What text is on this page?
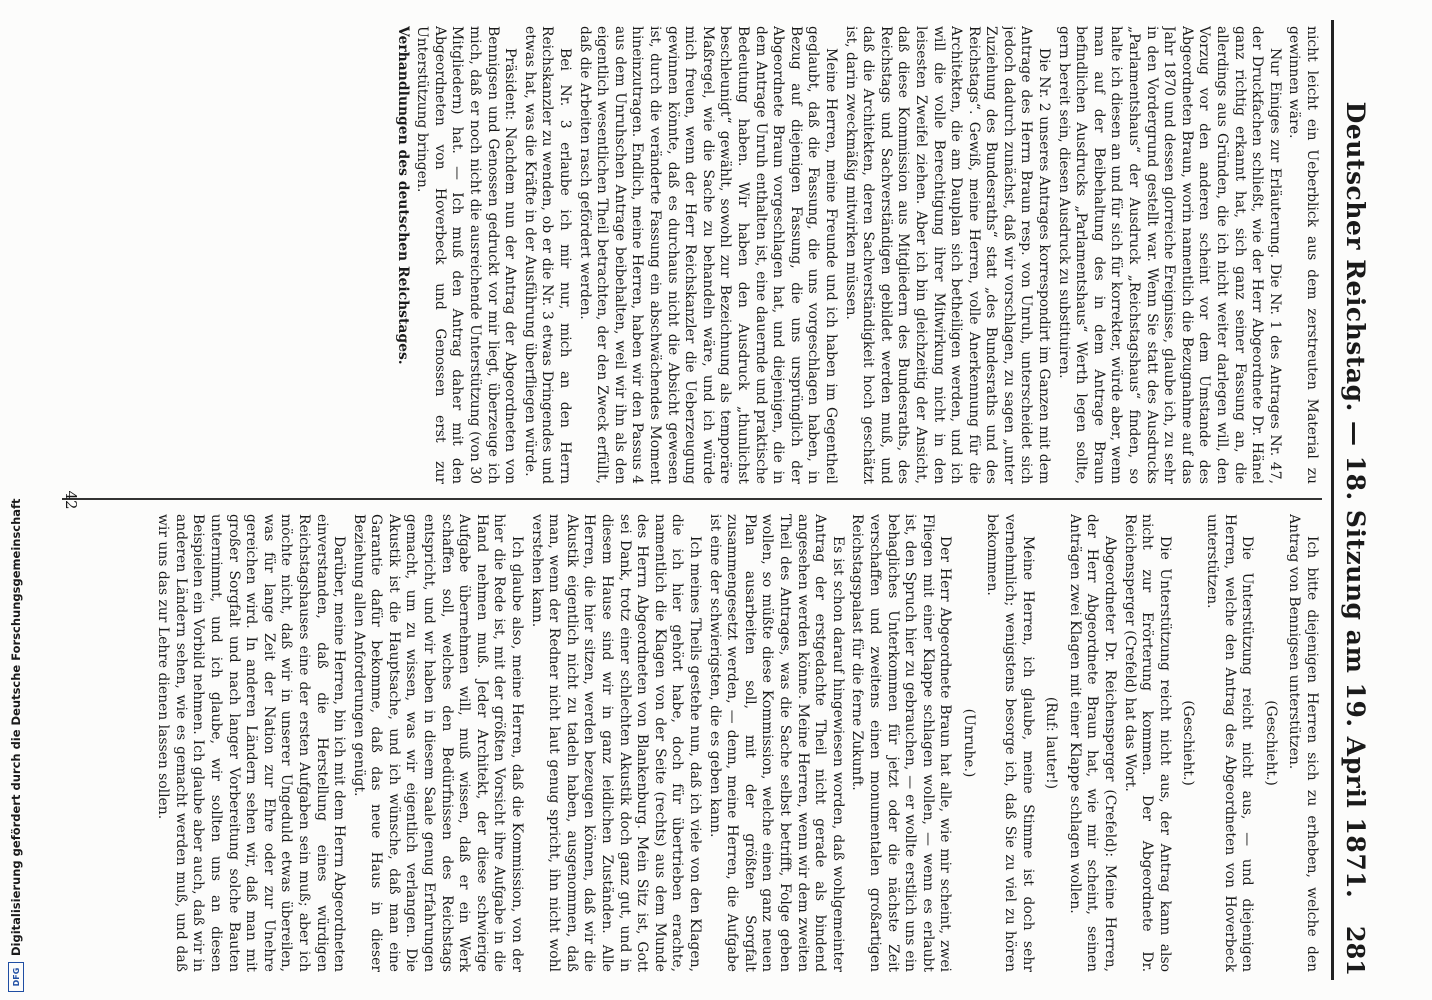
Deutscher Reichstag. — 18. Sitzung am 19. April 1871.
281

nicht leicht ein Ueberblick aus dem zerstreuten Material zu gewinnen wäre.

Nur Einiges zur Erläuterung. Die Nr. 1 des Antrages Nr. 47, der Druckfachen schließt, wie der Herr Abgeordnete Dr. Hänel ganz richtig erkannt hat, sich ganz seiner Fassung an, die allerdings aus Gründen, die ich nicht weiter darlegen will, den Vorzug vor den anderen scheint vor dem Umstande des Abgeordneten Braun, worin namentlich die Bezugnahme auf das Jahr 1870 und dessen glorreiche Ereignisse, glaube ich, zu sehr in den Vordergrund gestellt war. Wenn Sie statt des Ausdrucks „Parlamentshaus“ der Ausdruck „Reichstagshaus“ finden, so halte ich diesen an und für sich für korrekter, würde aber, wenn man auf der Beibehaltung des in dem Antrage Braun befindlichen Ausdrucks „Parlamentshaus“ Werth legen sollte, gern bereit sein, diesen Ausdruck zu substituiren.

Die Nr. 2 unseres Antrages korrespondirt im Ganzen mit dem Antrage des Herrn Braun resp. von Unruh, unterscheidet sich jedoch dadurch zunächst, daß wir vorschlagen, zu sagen „unter Zuziehung des Bundesraths“ statt „des Bundesraths und des Reichstags“. Gewiß, meine Herren, volle Anerkennung für die Architekten, die am Dauplan sich betheiligen werden, und ich will die volle Berechtigung ihrer Mitwirkung nicht in den leisesten Zweifel ziehen. Aber ich bin gleichzeitig der Ansicht, daß diese Kommission aus Mitgliedern des Bundesraths, des Reichstags und Sachverständigen gebildet werden muß, und daß die Architekten, deren Sachverständigkeit hoch geschätzt ist, darin zweckmäßig mitwirken müssen.

Meine Herren, meine Freunde und ich haben im Gegentheil geglaubt, daß die Fassung, die uns vorgeschlagen haben, in Bezug auf diejenigen Fassung, die uns ursprünglich der Abgeordnete Braun vorgeschlagen hat, und diejenigen, die in dem Antrage Unruh enthalten ist, eine dauernde und praktische Bedeutung haben. Wir haben den Ausdruck „thunlichst beschleunigt“ gewählt, sowohl zur Bezeichnung als temporäre Maßregel, wie die Sache zu behandeln wäre, und ich würde mich freuen, wenn der Herr Reichskanzler die Ueberzeugung gewinnen könnte, daß es durchaus nicht die Absicht gewesen ist, durch die veränderte Fassung ein abschwächendes Moment hineinzutragen. Endlich, meine Herren, haben wir den Passus 4 aus dem Unruhschen Antrage beibehalten, weil wir ihn als den eigentlich wesentlichen Theil betrachten, der den Zweck erfüllt, daß die Arbeiten rasch gefördert werden.

Bei Nr. 3 erlaube ich mir nur, mich an den Herrn Reichskanzler zu wenden, ob er die Nr. 3 etwas Dringendes und etwas hat, was die Kräfte in der Ausführung überfliegen würde.

Präsident: Nachdem nun der Antrag der Abgeordneten von Bennigsen und Genossen gedruckt vor mir liegt, überzeuge ich mich, daß er noch nicht die ausreichende Unterstützung (von 30 Mitgliedern) hat. — Ich muß den Antrag daher mit den Abgeordneten von Hoverbeck und Genossen erst zur Unterstützung bringen.

Verhandlungen des deutschen Reichstages.

Ich bitte diejenigen Herren sich zu erheben, welche den Antrag von Bennigsen unterstützen.

(Geschieht.)

Die Unterstützung reicht nicht aus, — und diejenigen Herren, welche den Antrag des Abgeordneten von Hoverbeck unterstützen.

(Geschieht.)

Die Unterstützung reicht nicht aus, der Antrag kann also nicht zur Erörterung kommen. Der Abgeordnete Dr. Reichensperger (Crefeld) hat das Wort.

Abgeordneter Dr. Reichensperger (Crefeld): Meine Herren, der Herr Abgeordnete Braun hat, wie mir scheint, seinen Anträgen zwei Klagen mit einer Klappe schlagen wollen.

(Ruf: lauter!)

Meine Herren, ich glaube, meine Stimme ist doch sehr vernehmlich; wenigstens besorge ich, daß Sie zu viel zu hören bekommen.

(Unruhe.)

Der Herr Abgeordnete Braun hat alle, wie mir scheint, zwei Fliegen mit einer Klappe schlagen wollen, — wenn es erlaubt ist, den Spruch hier zu gebrauchen, — er wollte erstlich uns ein behagliches Unterkommen für jetzt oder die nächste Zeit verschaffen und zweitens einen monumentalen großartigen Reichstagspalast für die ferne Zukunft.

Es ist schon darauf hingewiesen worden, daß wohlgemeinter Antrag der erstgedachte Theil nicht gerade als bindend angesehen werden könne. Meine Herren, wenn wir dem zweiten Theil des Antrages, was die Sache selbst betrifft, Folge geben wollen, so müßte diese Kommission, welche einen ganz neuen Plan ausarbeiten soll, mit der größten Sorgfalt zusammengesetzt werden, — denn, meine Herren, die Aufgabe ist eine der schwierigsten, die es geben kann.

Ich meines Theils gestehe nun, daß ich viele von den Klagen, die ich hier gehört habe, doch für übertrieben erachte, namentlich die Klagen von der Seite (rechts) aus dem Munde des Herrn Abgeordneten von Blankenburg. Mein Sitz ist, Gott sei Dank, trotz einer schlechten Akustik doch ganz gut, und in diesem Hause sind wir in ganz leidlichen Zuständen. Alle Herren, die hier sitzen, werden bezeugen können, daß wir die Akustik eigentlich nicht zu tadeln haben, ausgenommen, daß man, wenn der Redner nicht laut genug spricht, ihn nicht wohl verstehen kann.

Ich glaube also, meine Herren, daß die Kommission, von der hier die Rede ist, mit der größten Vorsicht ihre Aufgabe in die Hand nehmen muß. Jeder Architekt, der diese schwierige Aufgabe übernehmen will, muß wissen, daß er ein Werk schaffen soll, welches den Bedürfnissen des Reichstags entspricht, und wir haben in diesem Saale genug Erfahrungen gemacht, um zu wissen, was wir eigentlich verlangen. Die Akustik ist die Hauptsache, und ich wünsche, daß man eine Garantie dafür bekomme, daß das neue Haus in dieser Beziehung allen Anforderungen genügt.

Darüber, meine Herren, bin ich mit dem Herrn Abgeordneten einverstanden, daß die Herstellung eines würdigen Reichstagshauses eine der ersten Aufgaben sein muß; aber ich möchte nicht, daß wir in unserer Ungeduld etwas übereilen, was für lange Zeit der Nation zur Ehre oder zur Unehre gereichen wird. In anderen Ländern sehen wir, daß man mit großer Sorgfalt und nach langer Vorbereitung solche Bauten unternimmt, und ich glaube, wir sollten uns an diesen Beispielen ein Vorbild nehmen. Ich glaube aber auch, daß wir in anderen Ländern sehen, wie es gemacht werden muß, und daß wir uns das zur Lehre dienen lassen sollen.

42
DFG
Digitalisierung gefördert durch die Deutsche Forschungsgemeinschaft
